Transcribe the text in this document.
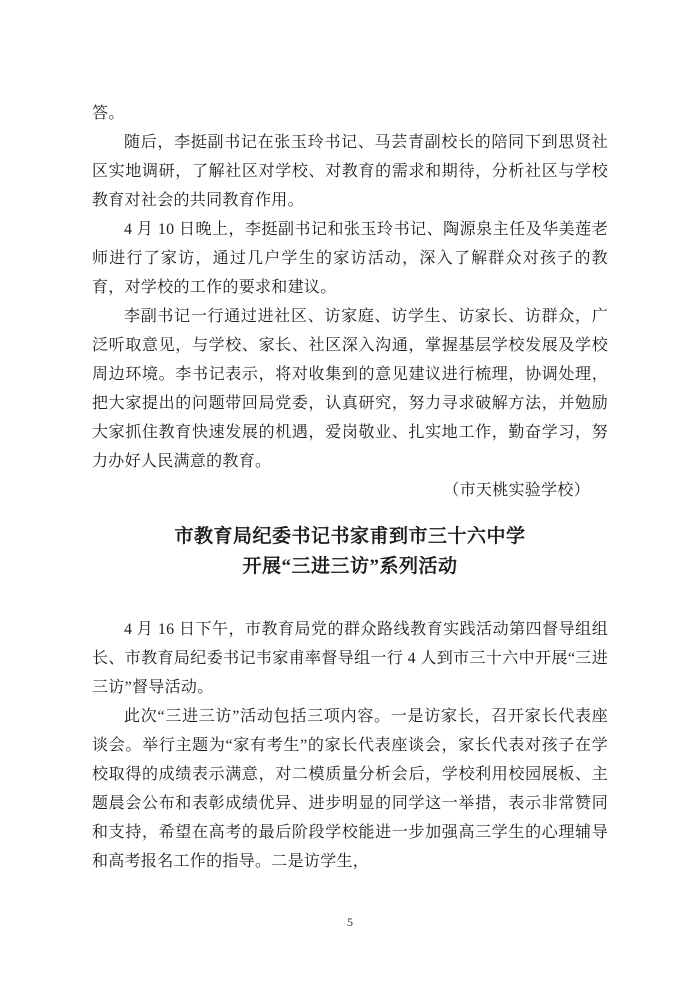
答。

随后，李挺副书记在张玉玲书记、马芸青副校长的陪同下到思贤社区实地调研，了解社区对学校、对教育的需求和期待，分析社区与学校教育对社会的共同教育作用。

4 月 10 日晚上，李挺副书记和张玉玲书记、陶源泉主任及华美莲老师进行了家访，通过几户学生的家访活动，深入了解群众对孩子的教育，对学校的工作的要求和建议。

李副书记一行通过进社区、访家庭、访学生、访家长、访群众，广泛听取意见，与学校、家长、社区深入沟通，掌握基层学校发展及学校周边环境。李书记表示，将对收集到的意见建议进行梳理，协调处理，把大家提出的问题带回局党委，认真研究，努力寻求破解方法，并勉励大家抓住教育快速发展的机遇，爱岗敬业、扎实地工作，勤奋学习，努力办好人民满意的教育。

（市天桃实验学校）

市教育局纪委书记书家甫到市三十六中学

开展“三进三访”系列活动

4 月 16 日下午，市教育局党的群众路线教育实践活动第四督导组组长、市教育局纪委书记韦家甫率督导组一行 4 人到市三十六中开展“三进三访”督导活动。

此次“三进三访”活动包括三项内容。一是访家长，召开家长代表座谈会。举行主题为“家有考生”的家长代表座谈会，家长代表对孩子在学校取得的成绩表示满意，对二模质量分析会后，学校利用校园展板、主题晨会公布和表彰成绩优异、进步明显的同学这一举措，表示非常赞同和支持，希望在高考的最后阶段学校能进一步加强高三学生的心理辅导和高考报名工作的指导。二是访学生，

5
